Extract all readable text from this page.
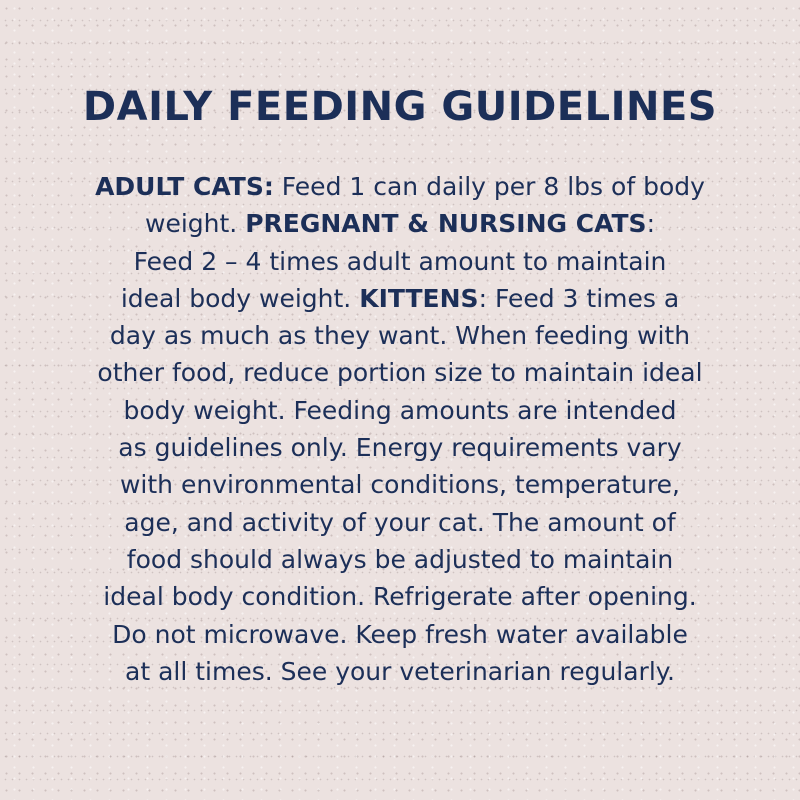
DAILY FEEDING GUIDELINES
ADULT CATS: Feed 1 can daily per 8 lbs of body
weight. PREGNANT & NURSING CATS:
Feed 2 – 4 times adult amount to maintain
ideal body weight. KITTENS: Feed 3 times a
day as much as they want. When feeding with
other food, reduce portion size to maintain ideal
body weight. Feeding amounts are intended
as guidelines only. Energy requirements vary
with environmental conditions, temperature,
age, and activity of your cat. The amount of
food should always be adjusted to maintain
ideal body condition. Refrigerate after opening.
Do not microwave. Keep fresh water available
at all times. See your veterinarian regularly.
